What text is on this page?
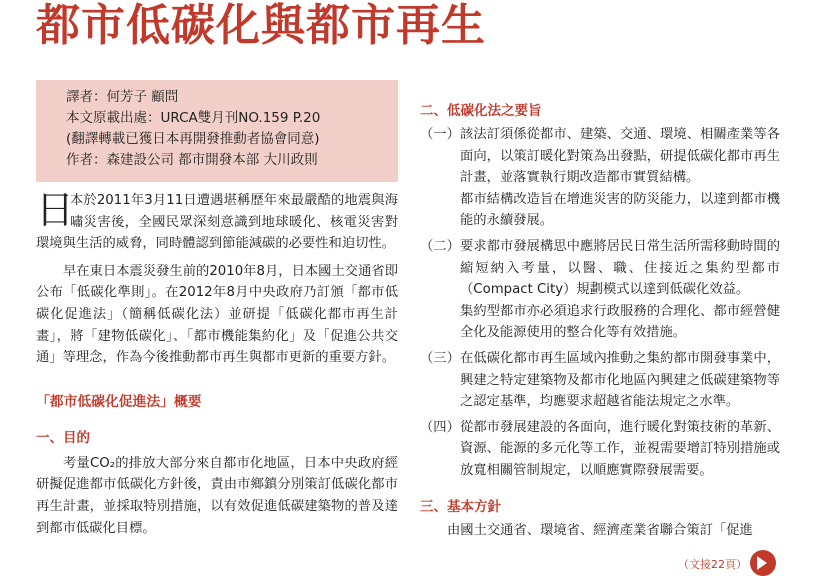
都市低碳化與都市再生
譯者：何芳子 顧問
本文原載出處：URCA雙月刊NO.159 P.20
(翻譯轉載已獲日本再開發推動者協會同意)
作者：森建設公司 都市開發本部 大川政則
日

本於2011年3月11日遭遇堪稱歷年來最嚴酷的地震與海嘯災害後，全國民眾深刻意識到地球暖化、核電災害對環境與生活的威脅，同時體認到節能減碳的必要性和迫切性。

早在東日本震災發生前的2010年8月，日本國土交通省即公布「低碳化準則」。在2012年8月中央政府乃訂頒「都市低碳化促進法」（簡稱低碳化法）並研提「低碳化都市再生計畫」，將「建物低碳化」、「都市機能集約化」及「促進公共交通」等理念，作為今後推動都市再生與都市更新的重要方針。

「都市低碳化促進法」概要
一、目的

考量CO₂的排放大部分來自都市化地區，日本中央政府經研擬促進都市低碳化方針後，責由市鄉鎮分別策訂低碳化都市再生計畫，並採取特別措施，以有效促進低碳建築物的普及達到都市低碳化目標。

二、低碳化法之要旨
（一） 該法訂須係從都市、建築、交通、環境、相關產業等各面向，以策訂暖化對策為出發點，研提低碳化都市再生計畫，並落實執行期改造都市實質結構。

都市結構改造旨在增進災害的防災能力，以達到都市機能的永續發展。

（二） 要求都市發展構思中應將居民日常生活所需移動時間的縮短納入考量，以醫、職、住接近之集約型都市（Compact City）規劃模式以達到低碳化效益。

集約型都市亦必須追求行政服務的合理化、都市經營健全化及能源使用的整合化等有效措施。

（三） 在低碳化都市再生區域內推動之集約都市開發事業中，興建之特定建築物及都市化地區內興建之低碳建築物等之認定基準，均應要求超越省能法規定之水準。

（四） 從都市發展建設的各面向，進行暖化對策技術的革新、資源、能源的多元化等工作，並視需要增訂特別措施或放寬相關管制規定，以順應實際發展需要。

三、基本方針

由國土交通省、環境省、經濟產業省聯合策訂「促進

（文接22頁）
